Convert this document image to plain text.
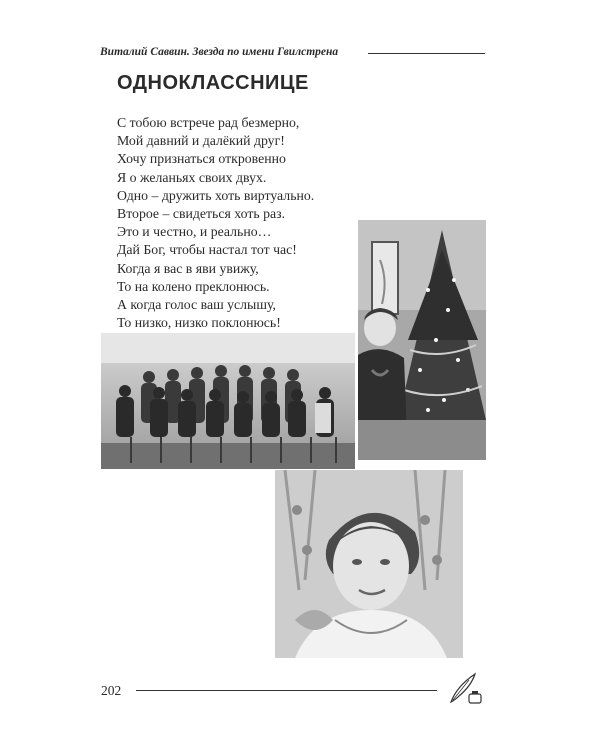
Виталий Саввин. Звезда по имени Гвилстрена
ОДНОКЛАССНИЦЕ
С тобою встрече рад безмерно,
Мой давний и далёкий друг!
Хочу признаться откровенно
Я о желаньях своих двух.
Одно – дружить хоть виртуально.
Второе – свидеться хоть раз.
Это и честно, и реально…
Дай Бог, чтобы настал тот час!
Когда я вас в яви увижу,
То на колено преклонюсь.
А когда голос ваш услышу,
То низко, низко поклонюсь!
202
